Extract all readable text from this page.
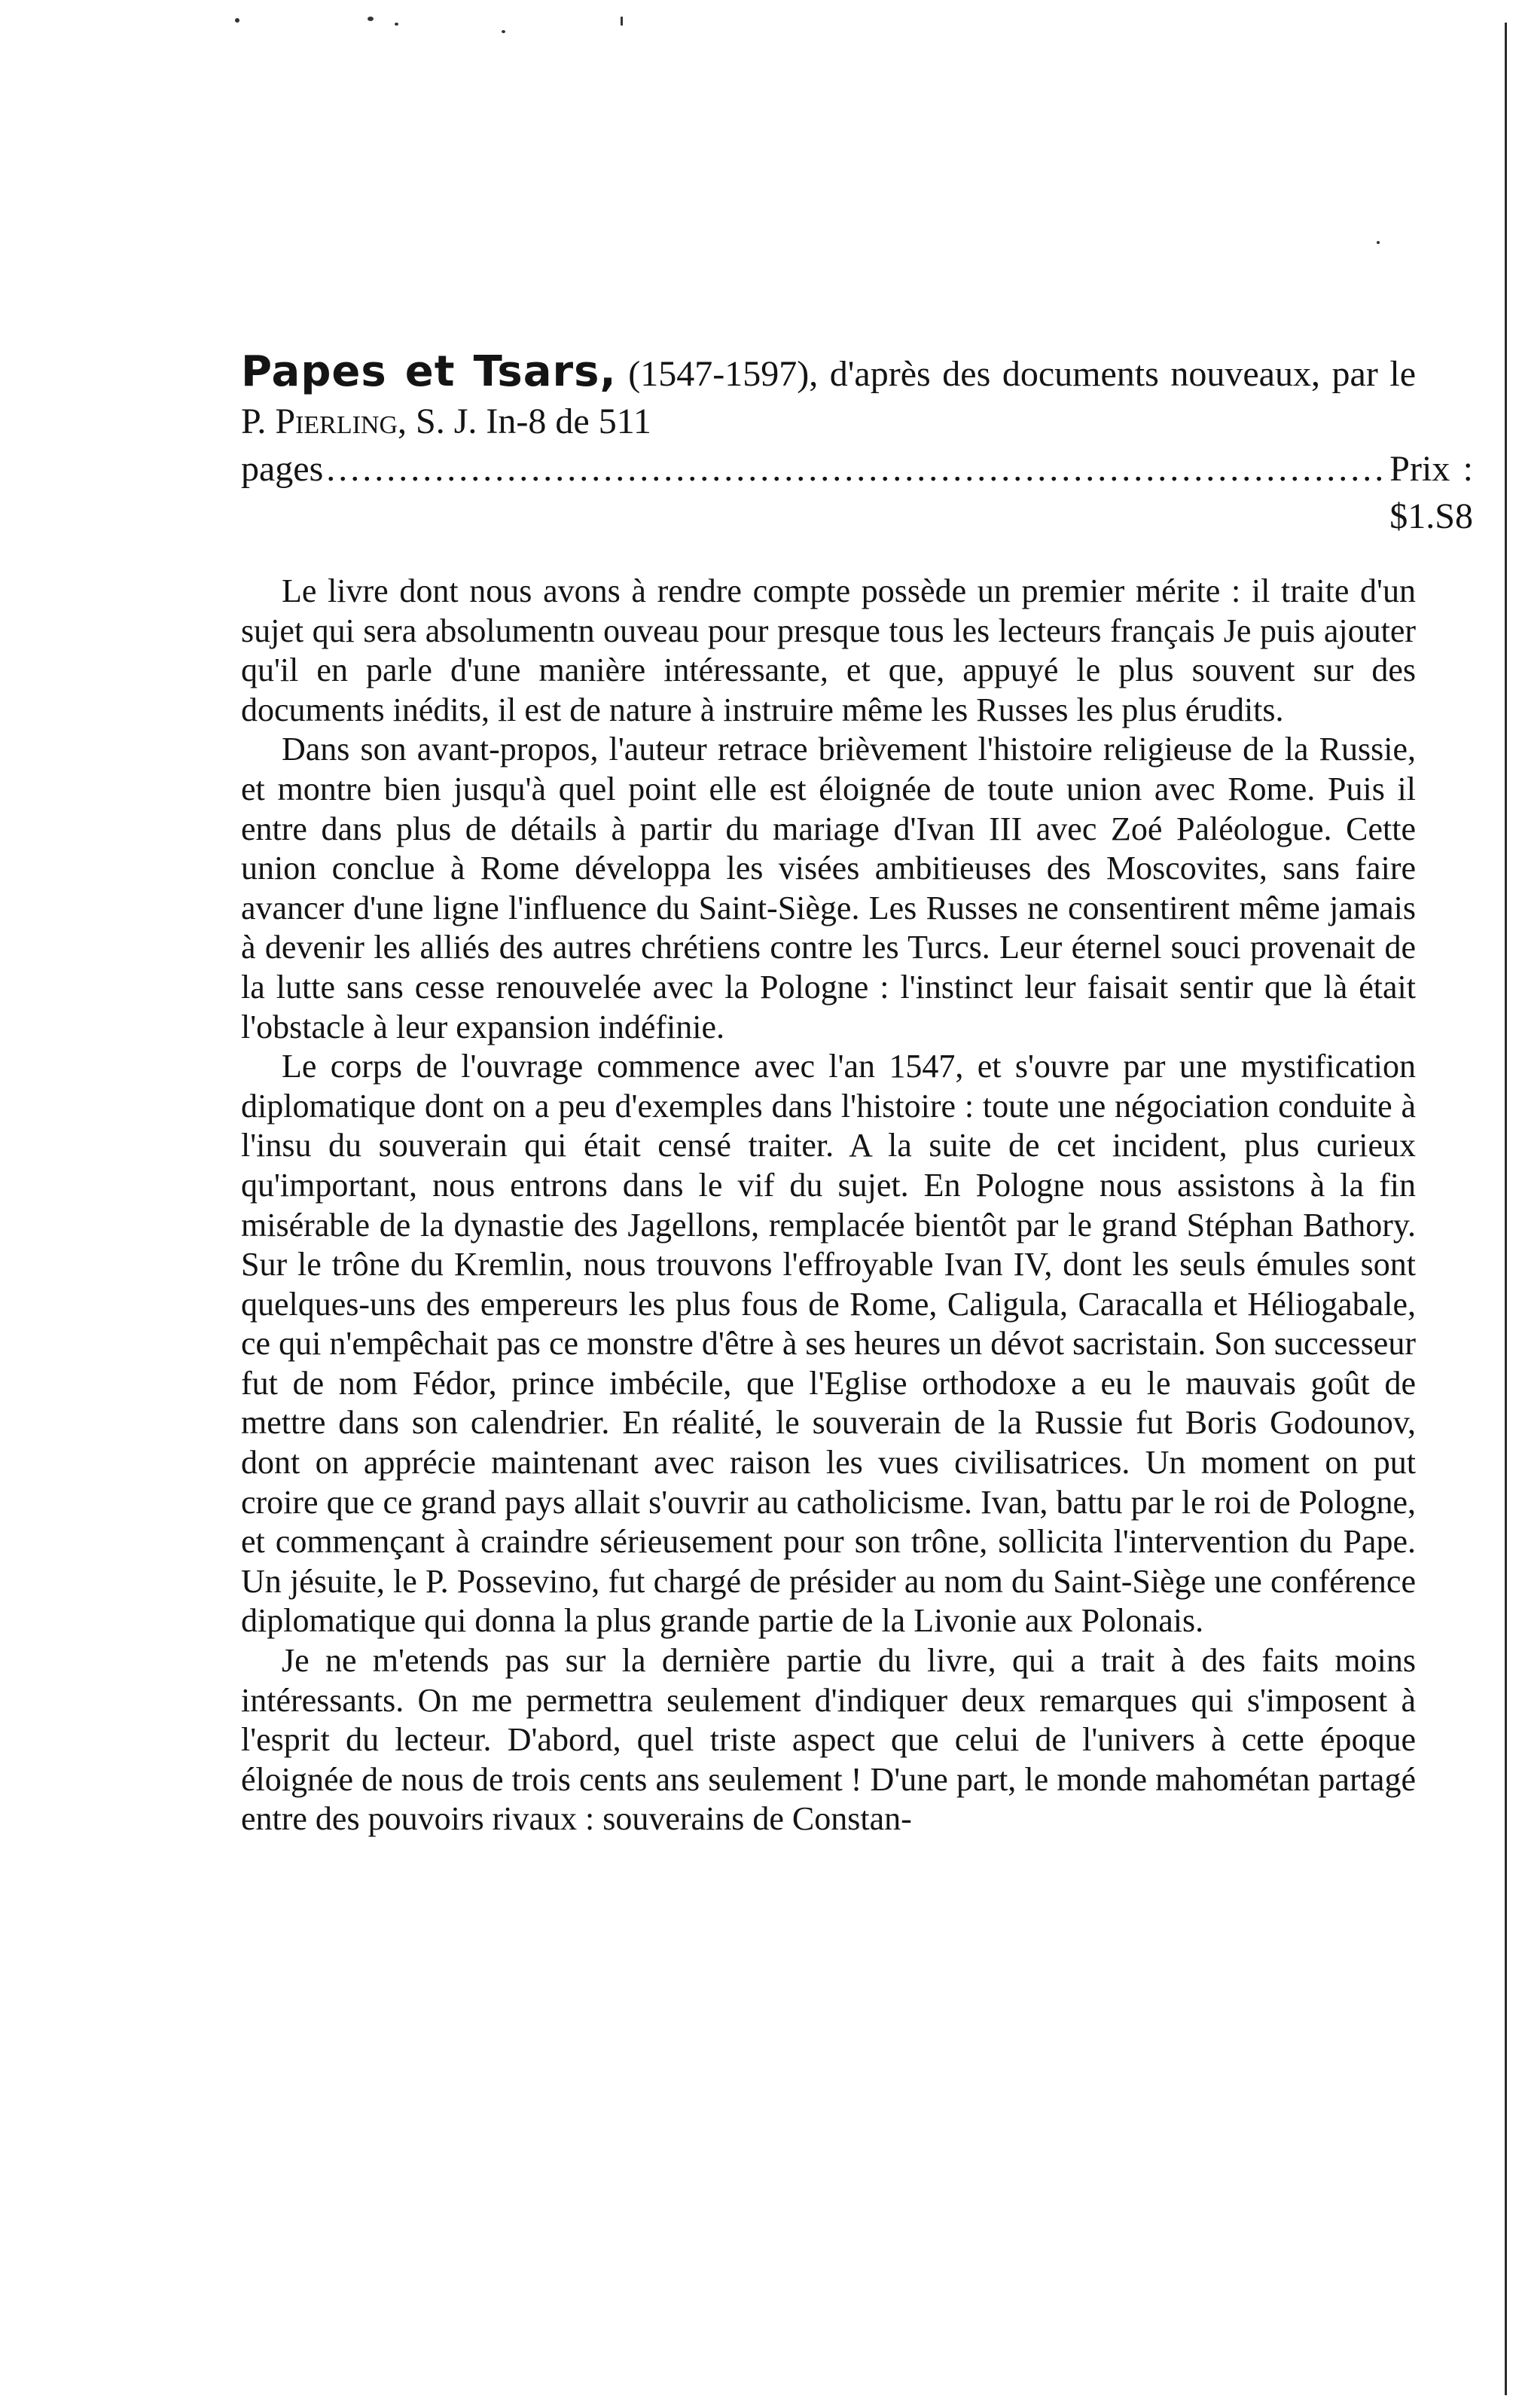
Papes et Tsars, (1547-1597), d'après des documents nouveaux, par le P. Pierling, S. J. In-8 de 511
pages ........................................................................................ Prix : $1.S8

Le livre dont nous avons à rendre compte possède un premier mérite : il traite d'un sujet qui sera absolumentn ouveau pour presque tous les lecteurs français Je puis ajouter qu'il en parle d'une manière intéressante, et que, appuyé le plus souvent sur des documents inédits, il est de nature à instruire même les Russes les plus érudits.

Dans son avant-propos, l'auteur retrace brièvement l'histoire religieuse de la Russie, et montre bien jusqu'à quel point elle est éloignée de toute union avec Rome. Puis il entre dans plus de détails à partir du mariage d'Ivan III avec Zoé Paléologue. Cette union conclue à Rome développa les visées ambitieuses des Moscovites, sans faire avancer d'une ligne l'influence du Saint-Siège. Les Russes ne consentirent même jamais à devenir les alliés des autres chrétiens contre les Turcs. Leur éternel souci provenait de la lutte sans cesse renouvelée avec la Pologne : l'instinct leur faisait sentir que là était l'obstacle à leur expansion indéfinie.

Le corps de l'ouvrage commence avec l'an 1547, et s'ouvre par une mystification diplomatique dont on a peu d'exemples dans l'histoire : toute une négociation conduite à l'insu du souverain qui était censé traiter. A la suite de cet incident, plus curieux qu'important, nous entrons dans le vif du sujet. En Pologne nous assistons à la fin misérable de la dynastie des Jagellons, remplacée bientôt par le grand Stéphan Bathory. Sur le trône du Kremlin, nous trouvons l'effroyable Ivan IV, dont les seuls émules sont quelques-uns des empereurs les plus fous de Rome, Caligula, Caracalla et Héliogabale, ce qui n'empêchait pas ce monstre d'être à ses heures un dévot sacristain. Son successeur fut de nom Fédor, prince imbécile, que l'Eglise orthodoxe a eu le mauvais goût de mettre dans son calendrier. En réalité, le souverain de la Russie fut Boris Godounov, dont on apprécie maintenant avec raison les vues civilisatrices. Un moment on put croire que ce grand pays allait s'ouvrir au catholicisme. Ivan, battu par le roi de Pologne, et commençant à craindre sérieusement pour son trône, sollicita l'intervention du Pape. Un jésuite, le P. Possevino, fut chargé de présider au nom du Saint-Siège une conférence diplomatique qui donna la plus grande partie de la Livonie aux Polonais.

Je ne m'etends pas sur la dernière partie du livre, qui a trait à des faits moins intéressants. On me permettra seulement d'indiquer deux remarques qui s'imposent à l'esprit du lecteur. D'abord, quel triste aspect que celui de l'univers à cette époque éloignée de nous de trois cents ans seulement ! D'une part, le monde mahométan partagé entre des pouvoirs rivaux : souverains de Constan-
